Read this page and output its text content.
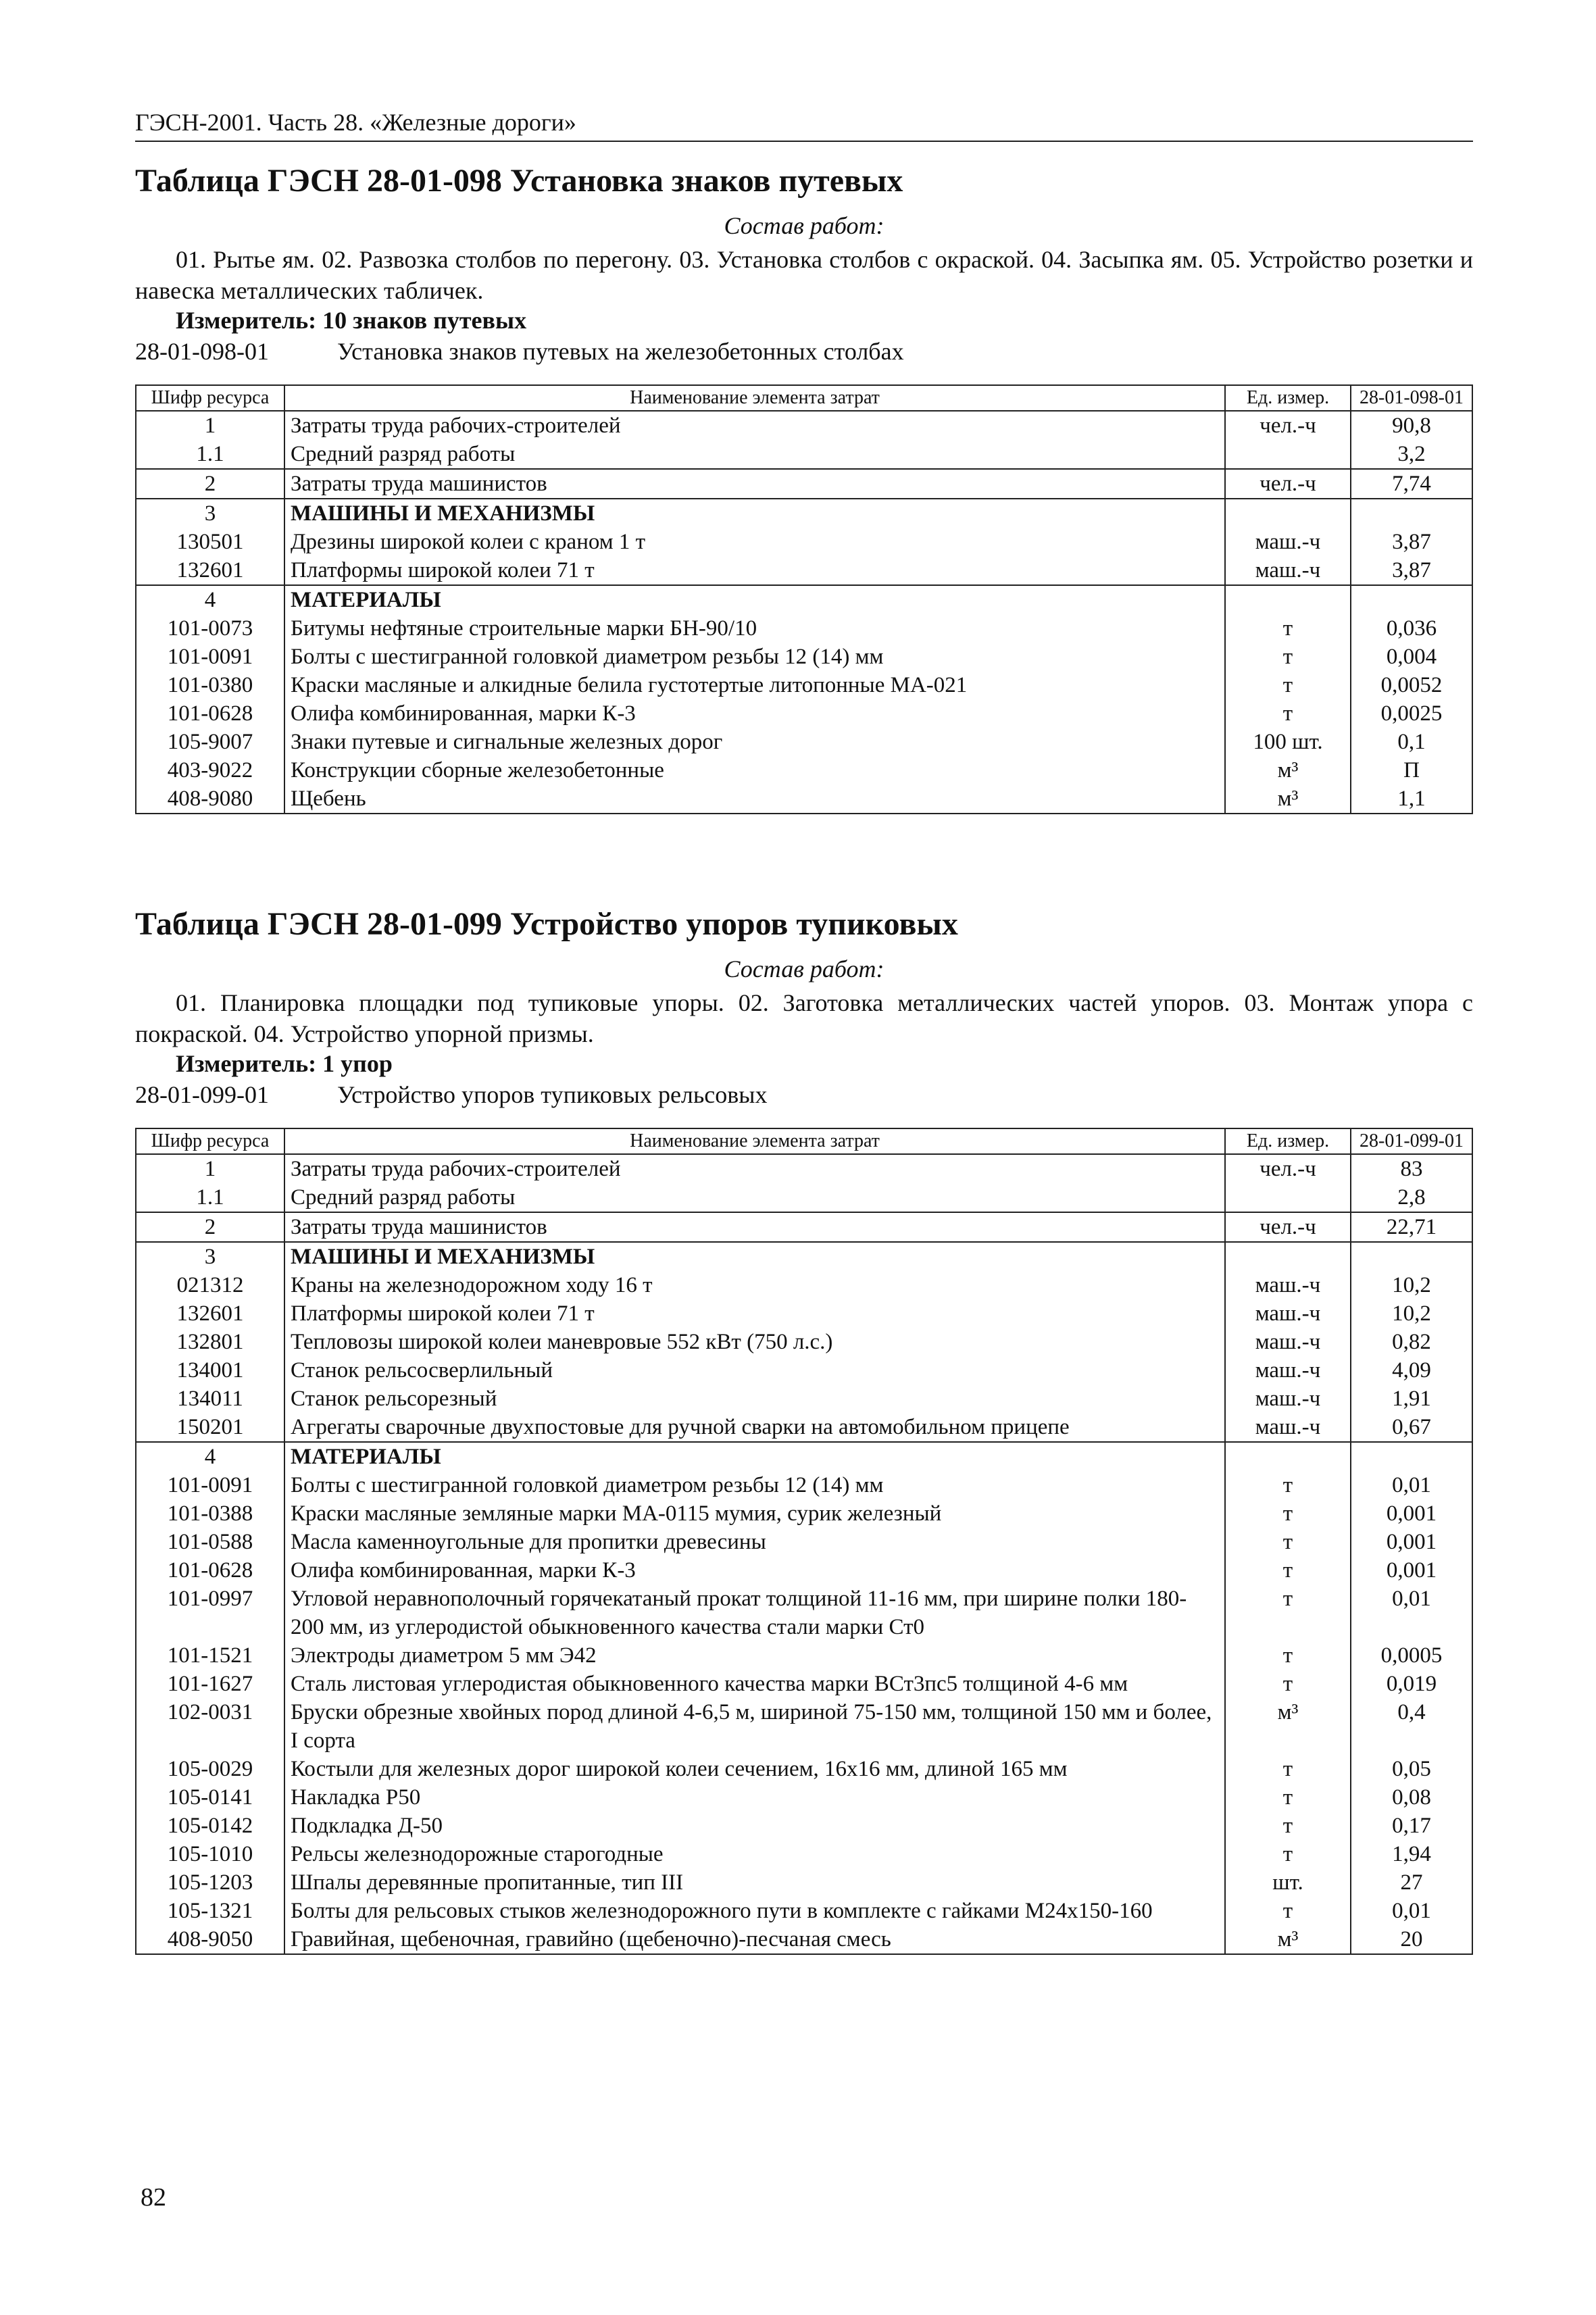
ГЭСН-2001. Часть 28. «Железные дороги»
Таблица ГЭСН 28-01-098 Установка знаков путевых
Состав работ:
01. Рытье ям. 02. Развозка столбов по перегону. 03. Установка столбов с окраской. 04. Засыпка ям. 05. Устройство розетки и навеска металлических табличек.
Измеритель: 10 знаков путевых
28-01-098-01	Установка знаков путевых на железобетонных столбах
Шифр ресурса	Наименование элемента затрат	Ед. измер.	28-01-098-01
1	Затраты труда рабочих-строителей	чел.-ч	90,8
1.1	Средний разряд работы		3,2
2	Затраты труда машинистов	чел.-ч	7,74
3	МАШИНЫ И МЕХАНИЗМЫ		
130501	Дрезины широкой колеи с краном 1 т	маш.-ч	3,87
132601	Платформы широкой колеи 71 т	маш.-ч	3,87
4	МАТЕРИАЛЫ		
101-0073	Битумы нефтяные строительные марки БН-90/10	т	0,036
101-0091	Болты с шестигранной головкой диаметром резьбы 12 (14) мм	т	0,004
101-0380	Краски масляные и алкидные белила густотертые литопонные МА-021	т	0,0052
101-0628	Олифа комбинированная, марки К-3	т	0,0025
105-9007	Знаки путевые и сигнальные железных дорог	100 шт.	0,1
403-9022	Конструкции сборные железобетонные	м³	П
408-9080	Щебень	м³	1,1
Таблица ГЭСН 28-01-099 Устройство упоров тупиковых
Состав работ:
01. Планировка площадки под тупиковые упоры. 02. Заготовка металлических частей упоров. 03. Монтаж упора с покраской. 04. Устройство упорной призмы.
Измеритель: 1 упор
28-01-099-01	Устройство упоров тупиковых рельсовых
Шифр ресурса	Наименование элемента затрат	Ед. измер.	28-01-099-01
1	Затраты труда рабочих-строителей	чел.-ч	83
1.1	Средний разряд работы		2,8
2	Затраты труда машинистов	чел.-ч	22,71
3	МАШИНЫ И МЕХАНИЗМЫ		
021312	Краны на железнодорожном ходу 16 т	маш.-ч	10,2
132601	Платформы широкой колеи 71 т	маш.-ч	10,2
132801	Тепловозы широкой колеи маневровые 552 кВт (750 л.с.)	маш.-ч	0,82
134001	Станок рельсосверлильный	маш.-ч	4,09
134011	Станок рельсорезный	маш.-ч	1,91
150201	Агрегаты сварочные двухпостовые для ручной сварки на автомобильном прицепе	маш.-ч	0,67
4	МАТЕРИАЛЫ		
101-0091	Болты с шестигранной головкой диаметром резьбы 12 (14) мм	т	0,01
101-0388	Краски масляные земляные марки МА-0115 мумия, сурик железный	т	0,001
101-0588	Масла каменноугольные для пропитки древесины	т	0,001
101-0628	Олифа комбинированная, марки К-3	т	0,001
101-0997	Угловой неравнополочный горячекатаный прокат толщиной 11-16 мм, при ширине полки 180-200 мм, из углеродистой обыкновенного качества стали марки Ст0	т	0,01
101-1521	Электроды диаметром 5 мм Э42	т	0,0005
101-1627	Сталь листовая углеродистая обыкновенного качества марки ВСт3пс5 толщиной 4-6 мм	т	0,019
102-0031	Бруски обрезные хвойных пород длиной 4-6,5 м, шириной 75-150 мм, толщиной 150 мм и более, I сорта	м³	0,4
105-0029	Костыли для железных дорог широкой колеи сечением, 16х16 мм, длиной 165 мм	т	0,05
105-0141	Накладка Р50	т	0,08
105-0142	Подкладка Д-50	т	0,17
105-1010	Рельсы железнодорожные старогодные	т	1,94
105-1203	Шпалы деревянные пропитанные, тип III	шт.	27
105-1321	Болты для рельсовых стыков железнодорожного пути в комплекте с гайками М24х150-160	т	0,01
408-9050	Гравийная, щебеночная, гравийно (щебеночно)-песчаная смесь	м³	20
82
